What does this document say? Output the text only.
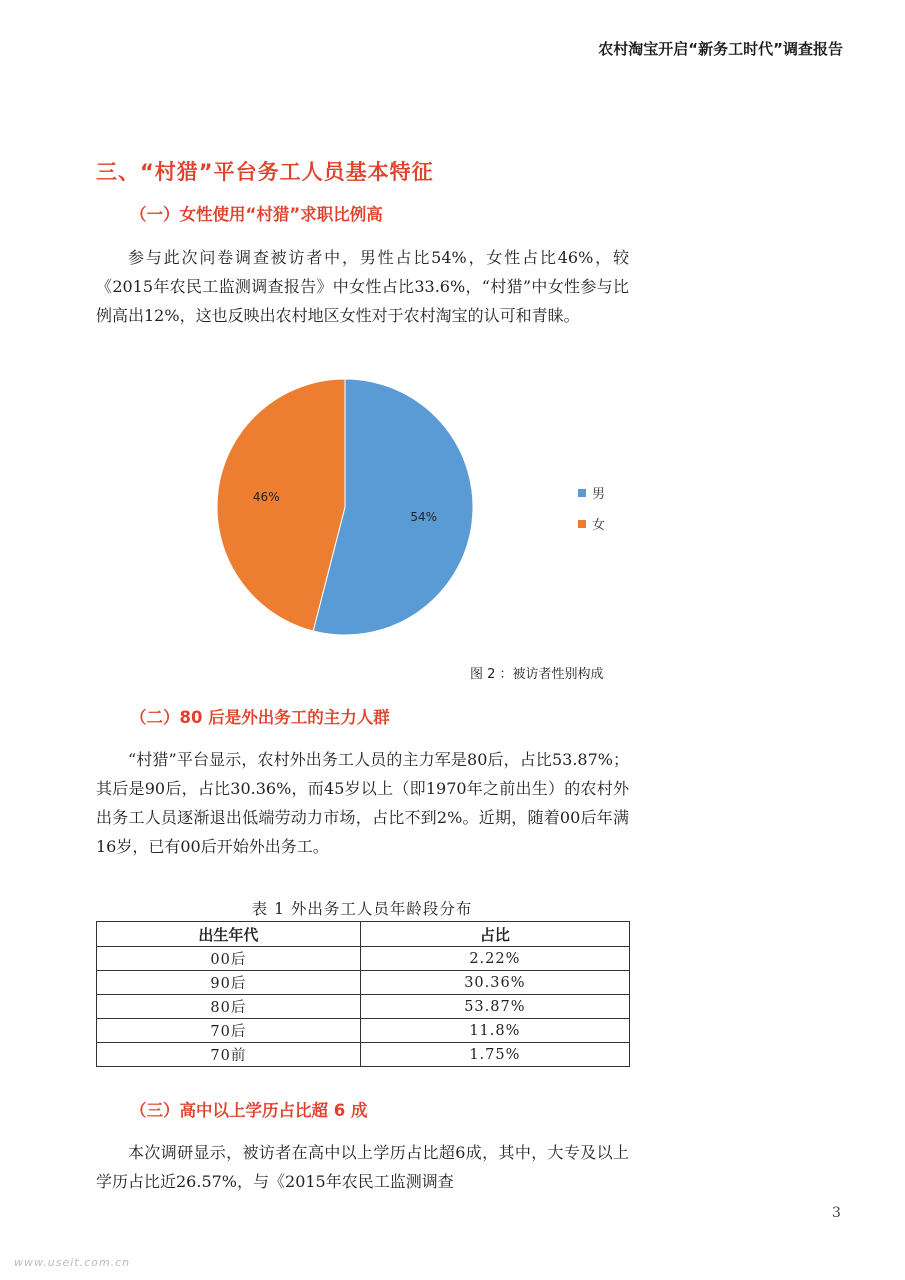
农村淘宝开启“新务工时代”调查报告
三、“村猎”平台务工人员基本特征
（一）女性使用“村猎”求职比例高

参与此次问卷调查被访者中，男性占比54%，女性占比46%，较《2015年农民工监测调查报告》中女性占比33.6%，“村猎”中女性参与比例高出12%，这也反映出农村地区女性对于农村淘宝的认可和青睐。

54%
46%	男
女
图 2 ：被访者性别构成
（二）80 后是外出务工的主力人群

“村猎”平台显示，农村外出务工人员的主力军是80后，占比53.87%；其后是90后，占比30.36%，而45岁以上（即1970年之前出生）的农村外出务工人员逐渐退出低端劳动力市场，占比不到2%。近期，随着00后年满16岁，已有00后开始外出务工。

表 1 外出务工人员年龄段分布
出生年代	占比
00后	2.22%
90后	30.36%
80后	53.87%
70后	11.8%
70前	1.75%
（三）高中以上学历占比超 6 成

本次调研显示，被访者在高中以上学历占比超6成，其中，大专及以上学历占比近26.57%，与《2015年农民工监测调查

3
www.useit.com.cn
